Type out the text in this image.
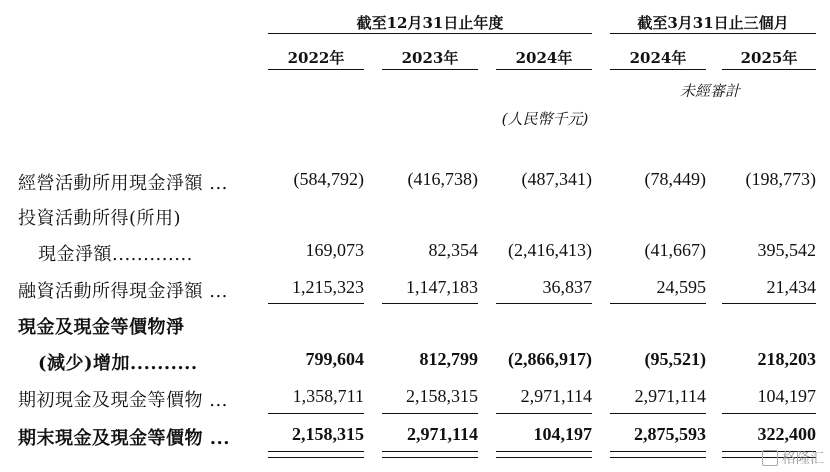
截至12月31日止年度	截至3月31日止三個月
2022年	2023年	2024年	2024年	2025年
未經審計
(人民幣千元)
經營活動所用現金淨額 ...	(584,792)	(416,738)	(487,341)	(78,449)	(198,773)
投資活動所得(所用)
現金淨額.............	169,073	82,354	(2,416,413)	(41,667)	395,542
融資活動所得現金淨額 ...	1,215,323	1,147,183	36,837	24,595	21,434
現金及現金等價物淨
(減少)增加..........	799,604	812,799	(2,866,917)	(95,521)	218,203
期初現金及現金等價物 ...	1,358,711	2,158,315	2,971,114	2,971,114	104,197
期末現金及現金等價物 ...	2,158,315	2,971,114	104,197	2,875,593	322,400
格隆汇
